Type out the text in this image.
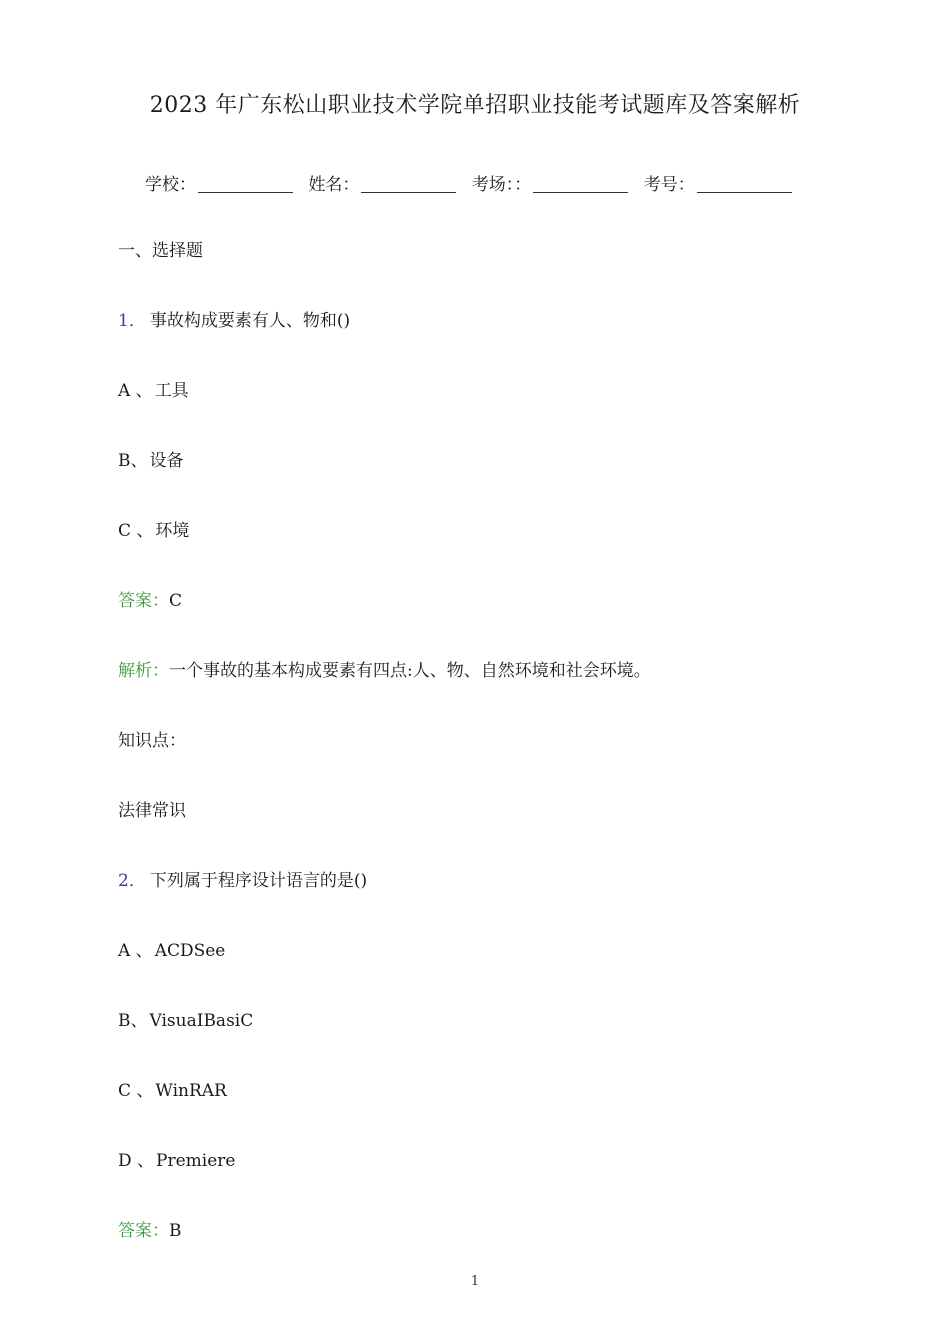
2023 年广东松山职业技术学院单招职业技能考试题库及答案解析
学校：	姓名：	考场：：	考号：
一、选择题
1． 事故构成要素有人、物和()
A 、 工具
B、 设备
C 、 环境
答案：C
解析：一个事故的基本构成要素有四点:人、物、自然环境和社会环境。
知识点：
法律常识
2． 下列属于程序设计语言的是()
A 、 ACDSee
B、 VisuaIBasiC
C 、 WinRAR
D 、 Premiere
答案：B
1
